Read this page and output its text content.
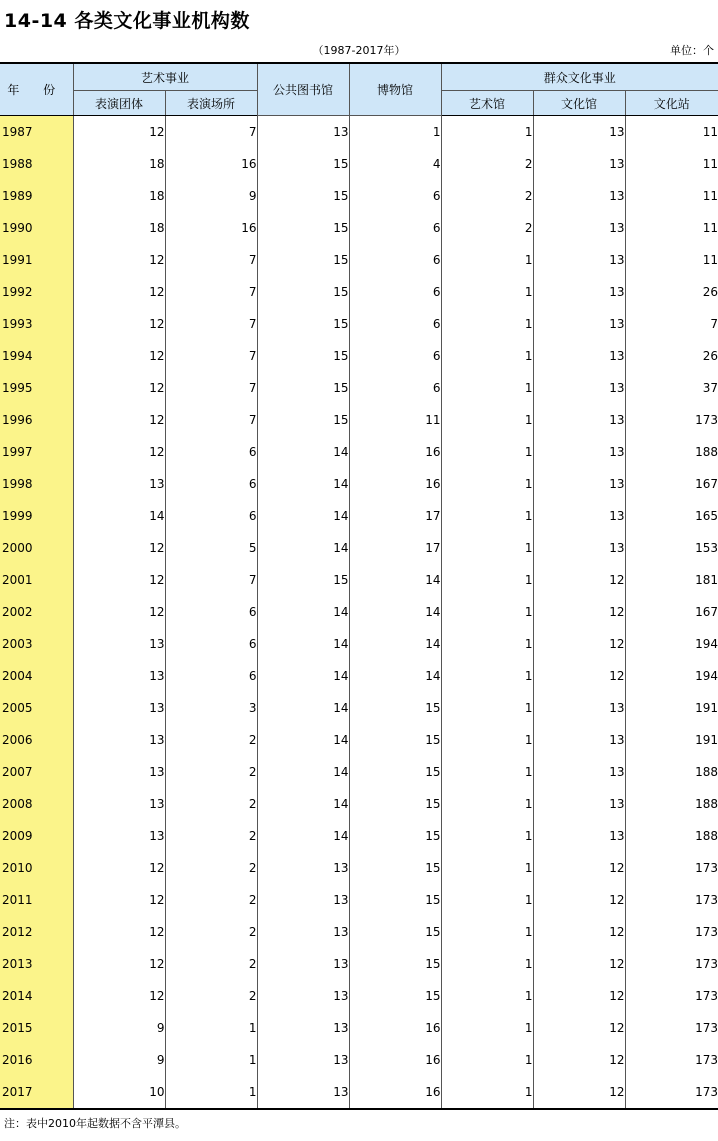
14-14 各类文化事业机构数
（1987-2017年）	单位：个
年 份	艺术事业		公共图书馆	博物馆	群众文化事业		
	表演团体	表演场所			艺术馆	文化馆	文化站
1987	12	7	13	1	1	13	11
1988	18	16	15	4	2	13	11
1989	18	9	15	6	2	13	11
1990	18	16	15	6	2	13	11
1991	12	7	15	6	1	13	11
1992	12	7	15	6	1	13	26
1993	12	7	15	6	1	13	7
1994	12	7	15	6	1	13	26
1995	12	7	15	6	1	13	37
1996	12	7	15	11	1	13	173
1997	12	6	14	16	1	13	188
1998	13	6	14	16	1	13	167
1999	14	6	14	17	1	13	165
2000	12	5	14	17	1	13	153
2001	12	7	15	14	1	12	181
2002	12	6	14	14	1	12	167
2003	13	6	14	14	1	12	194
2004	13	6	14	14	1	12	194
2005	13	3	14	15	1	13	191
2006	13	2	14	15	1	13	191
2007	13	2	14	15	1	13	188
2008	13	2	14	15	1	13	188
2009	13	2	14	15	1	13	188
2010	12	2	13	15	1	12	173
2011	12	2	13	15	1	12	173
2012	12	2	13	15	1	12	173
2013	12	2	13	15	1	12	173
2014	12	2	13	15	1	12	173
2015	9	1	13	16	1	12	173
2016	9	1	13	16	1	12	173
2017	10	1	13	16	1	12	173
注：表中2010年起数据不含平潭县。
